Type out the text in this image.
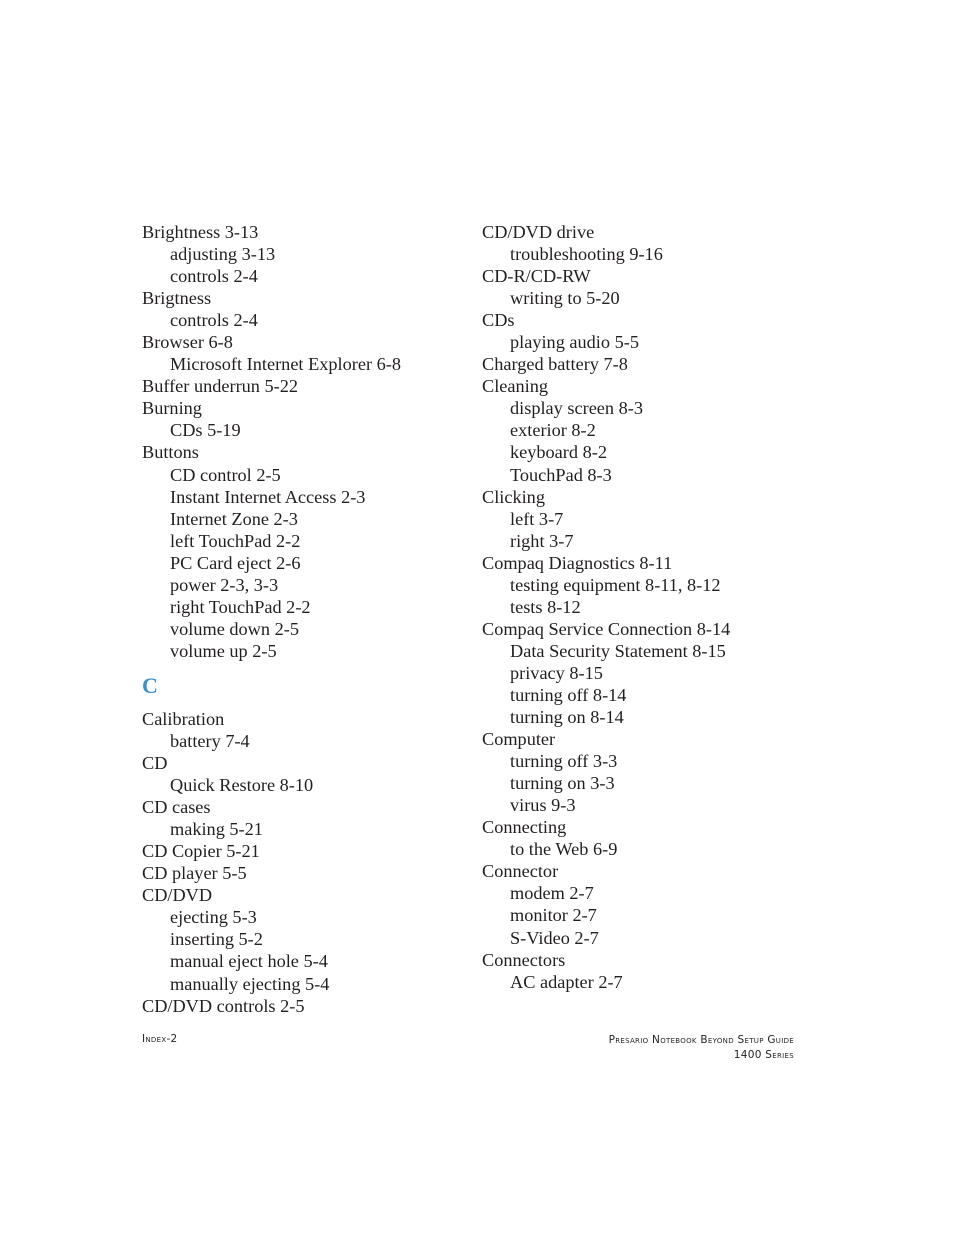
Brightness 3-13
adjusting 3-13
controls 2-4
Brigtness
controls 2-4
Browser 6-8
Microsoft Internet Explorer 6-8
Buffer underrun 5-22
Burning
CDs 5-19
Buttons
CD control 2-5
Instant Internet Access 2-3
Internet Zone 2-3
left TouchPad 2-2
PC Card eject 2-6
power 2-3, 3-3
right TouchPad 2-2
volume down 2-5
volume up 2-5
C
Calibration
battery 7-4
CD
Quick Restore 8-10
CD cases
making 5-21
CD Copier 5-21
CD player 5-5
CD/DVD
ejecting 5-3
inserting 5-2
manual eject hole 5-4
manually ejecting 5-4
CD/DVD controls 2-5
CD/DVD drive
troubleshooting 9-16
CD-R/CD-RW
writing to 5-20
CDs
playing audio 5-5
Charged battery 7-8
Cleaning
display screen 8-3
exterior 8-2
keyboard 8-2
TouchPad 8-3
Clicking
left 3-7
right 3-7
Compaq Diagnostics 8-11
testing equipment 8-11, 8-12
tests 8-12
Compaq Service Connection 8-14
Data Security Statement 8-15
privacy 8-15
turning off 8-14
turning on 8-14
Computer
turning off 3-3
turning on 3-3
virus 9-3
Connecting
to the Web 6-9
Connector
modem 2-7
monitor 2-7
S-Video 2-7
Connectors
AC adapter 2-7
Index-2	Presario Notebook Beyond Setup Guide
1400 Series
